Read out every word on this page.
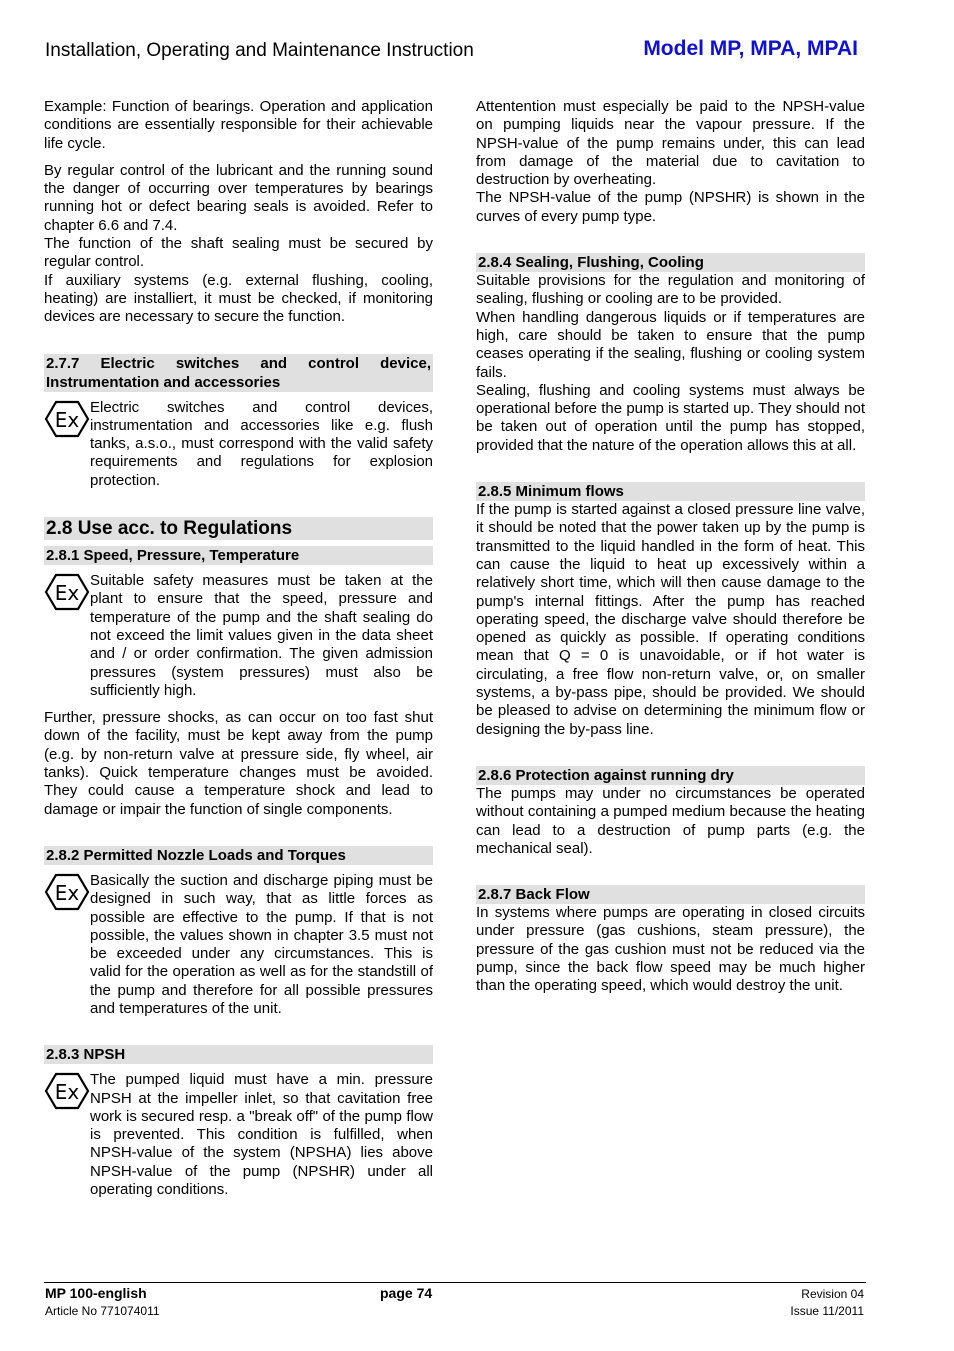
Installation, Operating and Maintenance Instruction	Model MP, MPA, MPAI

Example: Function of bearings. Operation and application conditions are essentially responsible for their achievable life cycle.

By regular control of the lubricant and the running sound the danger of occurring over temperatures by bearings running hot or defect bearing seals is avoided. Refer to chapter 6.6 and 7.4.

The function of the shaft sealing must be secured by regular control.

If auxiliary systems (e.g. external flushing, cooling, heating) are installiert, it must be checked, if monitoring devices are necessary to secure the function.

2.7.7 Electric switches and control device, Instrumentation and accessories
Ex

Electric switches and control devices, instrumentation and accessories like e.g. flush tanks, a.s.o., must correspond with the valid safety requirements and regulations for explosion protection.

2.8 Use acc. to Regulations
2.8.1 Speed, Pressure, Temperature
Ex

Suitable safety measures must be taken at the plant to ensure that the speed, pressure and temperature of the pump and the shaft sealing do not exceed the limit values given in the data sheet and / or order confirmation. The given admission pressures (system pressures) must also be sufficiently high.

Further, pressure shocks, as can occur on too fast shut down of the facility, must be kept away from the pump (e.g. by non-return valve at pressure side, fly wheel, air tanks). Quick temperature changes must be avoided. They could cause a temperature shock and lead to damage or impair the function of single components.

2.8.2 Permitted Nozzle Loads and Torques
Ex

Basically the suction and discharge piping must be designed in such way, that as little forces as possible are effective to the pump. If that is not possible, the values shown in chapter 3.5 must not be exceeded under any circumstances. This is valid for the operation as well as for the standstill of the pump and therefore for all possible pressures and temperatures of the unit.

2.8.3 NPSH
Ex

The pumped liquid must have a min. pressure NPSH at the impeller inlet, so that cavitation free work is secured resp. a "break off" of the pump flow is prevented. This condition is fulfilled, when NPSH-value of the system (NPSHA) lies above NPSH-value of the pump (NPSHR) under all operating conditions.

Attentention must especially be paid to the NPSH-value on pumping liquids near the vapour pressure. If the NPSH-value of the pump remains under, this can lead from damage of the material due to cavitation to destruction by overheating.

The NPSH-value of the pump (NPSHR) is shown in the curves of every pump type.

2.8.4 Sealing, Flushing, Cooling

Suitable provisions for the regulation and monitoring of sealing, flushing or cooling are to be provided.

When handling dangerous liquids or if temperatures are high, care should be taken to ensure that the pump ceases operating if the sealing, flushing or cooling system fails.

Sealing, flushing and cooling systems must always be operational before the pump is started up. They should not be taken out of operation until the pump has stopped, provided that the nature of the operation allows this at all.

2.8.5 Minimum flows

If the pump is started against a closed pressure line valve, it should be noted that the power taken up by the pump is transmitted to the liquid handled in the form of heat. This can cause the liquid to heat up excessively within a relatively short time, which will then cause damage to the pump's internal fittings. After the pump has reached operating speed, the discharge valve should therefore be opened as quickly as possible. If operating conditions mean that Q = 0 is unavoidable, or if hot water is circulating, a free flow non-return valve, or, on smaller systems, a by-pass pipe, should be provided. We should be pleased to advise on determining the minimum flow or designing the by-pass line.

2.8.6 Protection against running dry

The pumps may under no circumstances be operated without containing a pumped medium because the heating can lead to a destruction of pump parts (e.g. the mechanical seal).

2.8.7 Back Flow

In systems where pumps are operating in closed circuits under pressure (gas cushions, steam pressure), the pressure of the gas cushion must not be reduced via the pump, since the back flow speed may be much higher than the operating speed, which would destroy the unit.

MP 100-english
Article No 771074011
page 74	Revision 04
Issue 11/2011
